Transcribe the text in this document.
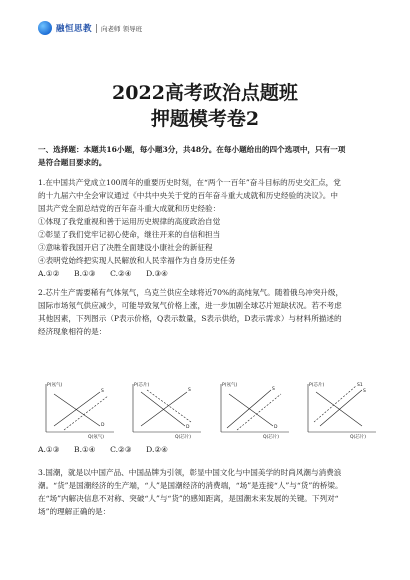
融恒思教	向老师 领导班
2022高考政治点题班
押题模考卷2
一、选择题：本题共16小题，每小题3分，共48分。在每小题给出的四个选项中，只有一项
是符合题目要求的。
1.在中国共产党成立100周年的重要历史时刻，在“两个一百年”奋斗目标的历史交汇点，党
的十九届六中全会审议通过《中共中央关于党的百年奋斗重大成就和历史经验的决议》。中
国共产党全面总结党的百年奋斗重大成就和历史经验：
①体现了我党重视和善于运用历史规律的高度政治自觉
②彰显了我们党牢记初心使命，继往开来的自信和担当
③意味着我国开启了决胜全面建设小康社会的新征程
④表明党始终把实现人民解放和人民幸福作为自身历史任务
A.①②      B.①③      C.②④      D.③④
2.芯片生产需要稀有气体氖气，乌克兰供应全球将近70%的高纯氖气。随着俄乌冲突升级，
国际市场氖气供应减少，可能导致氖气价格上涨，进一步加剧全球芯片短缺状况。若不考虑
其他因素，下列图示（P表示价格，Q表示数量，S表示供给，D表示需求）与材料所描述的
经济现象相符的是：
P(氖气)
Q(氖气)
D
S
P(芯片)
Q(芯片)
D
S
P(氖气)
Q(芯片)
D
S
P(芯片)
Q(芯片)
S
S1
A.①③      B.①④      C.②③      D.②④
3.国潮，就是以中国产品、中国品牌为引领，彰显中国文化与中国美学的时尚风潮与消费浪
潮。“货”是国潮经济的生产端，“人”是国潮经济的消费端，“场”是连接“人”与“货”的桥梁。
在“场”内解决信息不对称、突破“人”与“货”的感知距离，是国潮未来发展的关键。下列对“
场”的理解正确的是：
